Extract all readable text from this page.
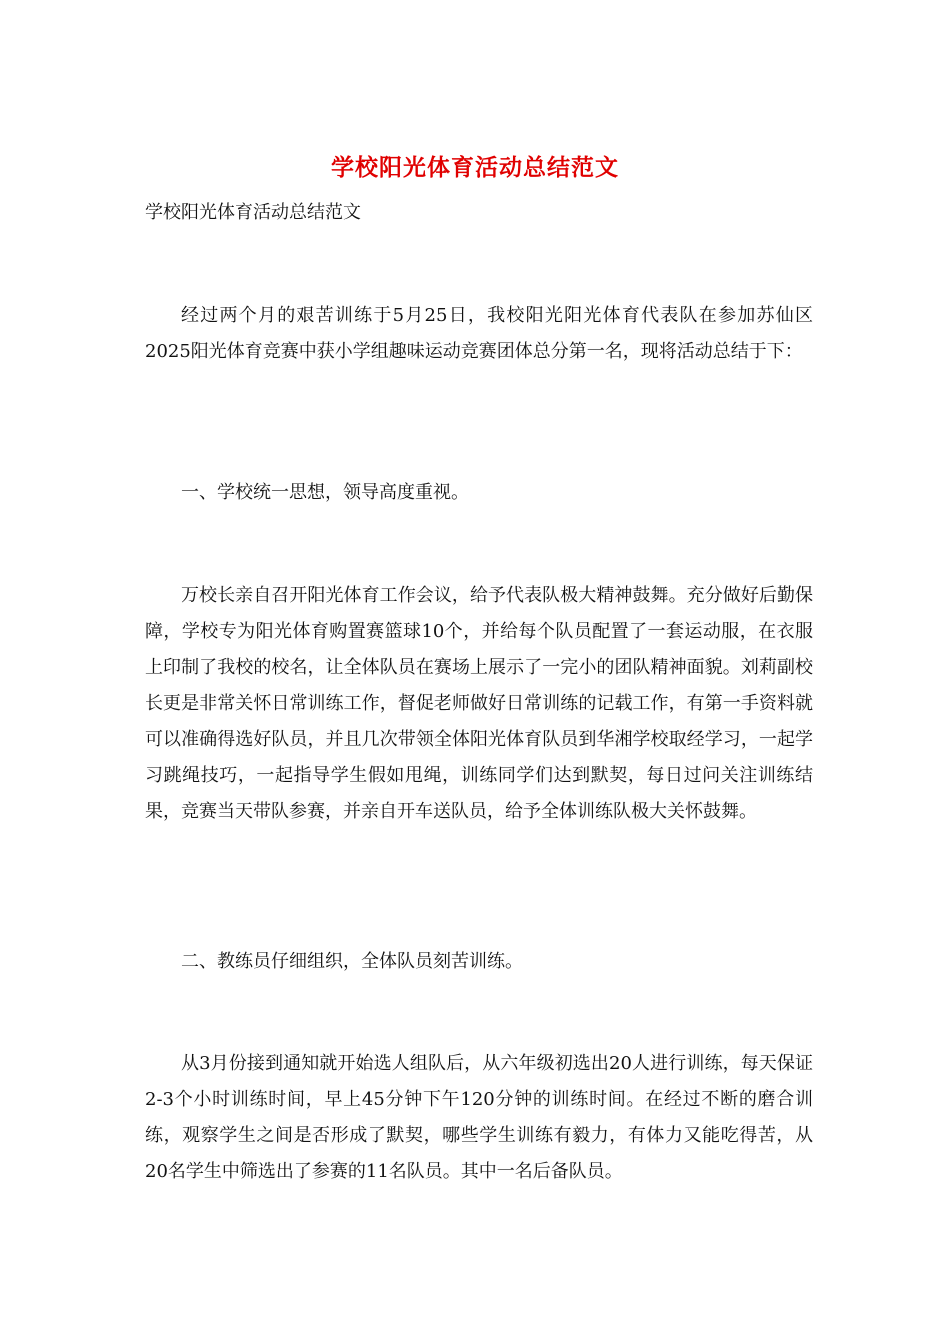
学校阳光体育活动总结范文
学校阳光体育活动总结范文

经过两个月的艰苦训练于5月25日，我校阳光阳光体育代表队在参加苏仙区2025阳光体育竞赛中获小学组趣味运动竞赛团体总分第一名，现将活动总结于下：

一、学校统一思想，领导高度重视。

万校长亲自召开阳光体育工作会议，给予代表队极大精神鼓舞。充分做好后勤保障，学校专为阳光体育购置赛篮球10个，并给每个队员配置了一套运动服，在衣服上印制了我校的校名，让全体队员在赛场上展示了一完小的团队精神面貌。刘莉副校长更是非常关怀日常训练工作，督促老师做好日常训练的记载工作，有第一手资料就可以准确得选好队员，并且几次带领全体阳光体育队员到华湘学校取经学习，一起学习跳绳技巧，一起指导学生假如甩绳，训练同学们达到默契，每日过问关注训练结果，竞赛当天带队参赛，并亲自开车送队员，给予全体训练队极大关怀鼓舞。

二、教练员仔细组织，全体队员刻苦训练。

从3月份接到通知就开始选人组队后，从六年级初选出20人进行训练，每天保证2-3个小时训练时间，早上45分钟下午120分钟的训练时间。在经过不断的磨合训练，观察学生之间是否形成了默契，哪些学生训练有毅力，有体力又能吃得苦，从20名学生中筛选出了参赛的11名队员。其中一名后备队员。
